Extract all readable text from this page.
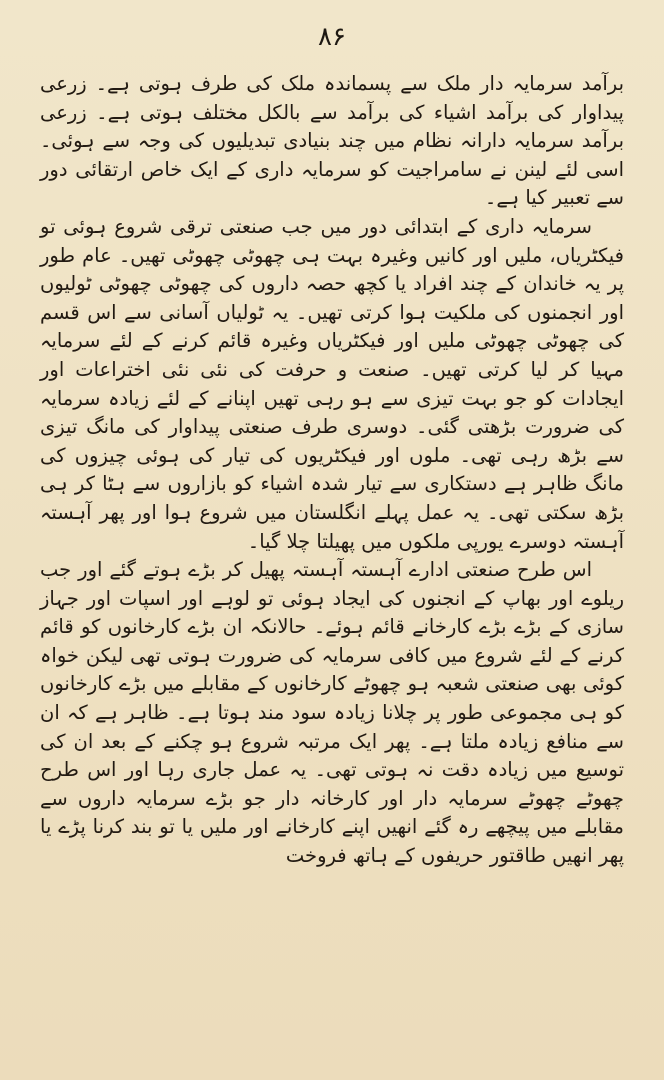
۸۶

برآمد سرمایہ دار ملک سے پسماندہ ملک کی طرف ہوتی ہے۔ زرعی پیداوار کی برآمد اشیاء کی برآمد سے بالکل مختلف ہوتی ہے۔ زرعی برآمد سرمایہ دارانہ نظام میں چند بنیادی تبدیلیوں کی وجہ سے ہوئی۔ اسی لئے لینن نے سامراجیت کو سرمایہ داری کے ایک خاص ارتقائی دور سے تعبیر کیا ہے۔

سرمایہ داری کے ابتدائی دور میں جب صنعتی ترقی شروع ہوئی تو فیکٹریاں، ملیں اور کانیں وغیرہ بہت ہی چھوٹی چھوٹی تھیں۔ عام طور پر یہ خاندان کے چند افراد یا کچھ حصہ داروں کی چھوٹی چھوٹی ٹولیوں اور انجمنوں کی ملکیت ہوا کرتی تھیں۔ یہ ٹولیاں آسانی سے اس قسم کی چھوٹی چھوٹی ملیں اور فیکٹریاں وغیرہ قائم کرنے کے لئے سرمایہ مہیا کر لیا کرتی تھیں۔ صنعت و حرفت کی نئی نئی اختراعات اور ایجادات کو جو بہت تیزی سے ہو رہی تھیں اپنانے کے لئے زیادہ سرمایہ کی ضرورت بڑھتی گئی۔ دوسری طرف صنعتی پیداوار کی مانگ تیزی سے بڑھ رہی تھی۔ ملوں اور فیکٹریوں کی تیار کی ہوئی چیزوں کی مانگ ظاہر ہے دستکاری سے تیار شدہ اشیاء کو بازاروں سے ہٹا کر ہی بڑھ سکتی تھی۔ یہ عمل پہلے انگلستان میں شروع ہوا اور پھر آہستہ آہستہ دوسرے یورپی ملکوں میں پھیلتا چلا گیا۔

اس طرح صنعتی ادارے آہستہ آہستہ پھیل کر بڑے ہوتے گئے اور جب ریلوے اور بھاپ کے انجنوں کی ایجاد ہوئی تو لوہے اور اسپات اور جہاز سازی کے بڑے بڑے کارخانے قائم ہوئے۔ حالانکہ ان بڑے کارخانوں کو قائم کرنے کے لئے شروع میں کافی سرمایہ کی ضرورت ہوتی تھی لیکن خواہ کوئی بھی صنعتی شعبہ ہو چھوٹے کارخانوں کے مقابلے میں بڑے کارخانوں کو ہی مجموعی طور پر چلانا زیادہ سود مند ہوتا ہے۔ ظاہر ہے کہ ان سے منافع زیادہ ملتا ہے۔ پھر ایک مرتبہ شروع ہو چکنے کے بعد ان کی توسیع میں زیادہ دقت نہ ہوتی تھی۔ یہ عمل جاری رہا اور اس طرح چھوٹے چھوٹے سرمایہ دار اور کارخانہ دار جو بڑے سرمایہ داروں سے مقابلے میں پیچھے رہ گئے انھیں اپنے کارخانے اور ملیں یا تو بند کرنا پڑے یا پھر انھیں طاقتور حریفوں کے ہاتھ فروخت
